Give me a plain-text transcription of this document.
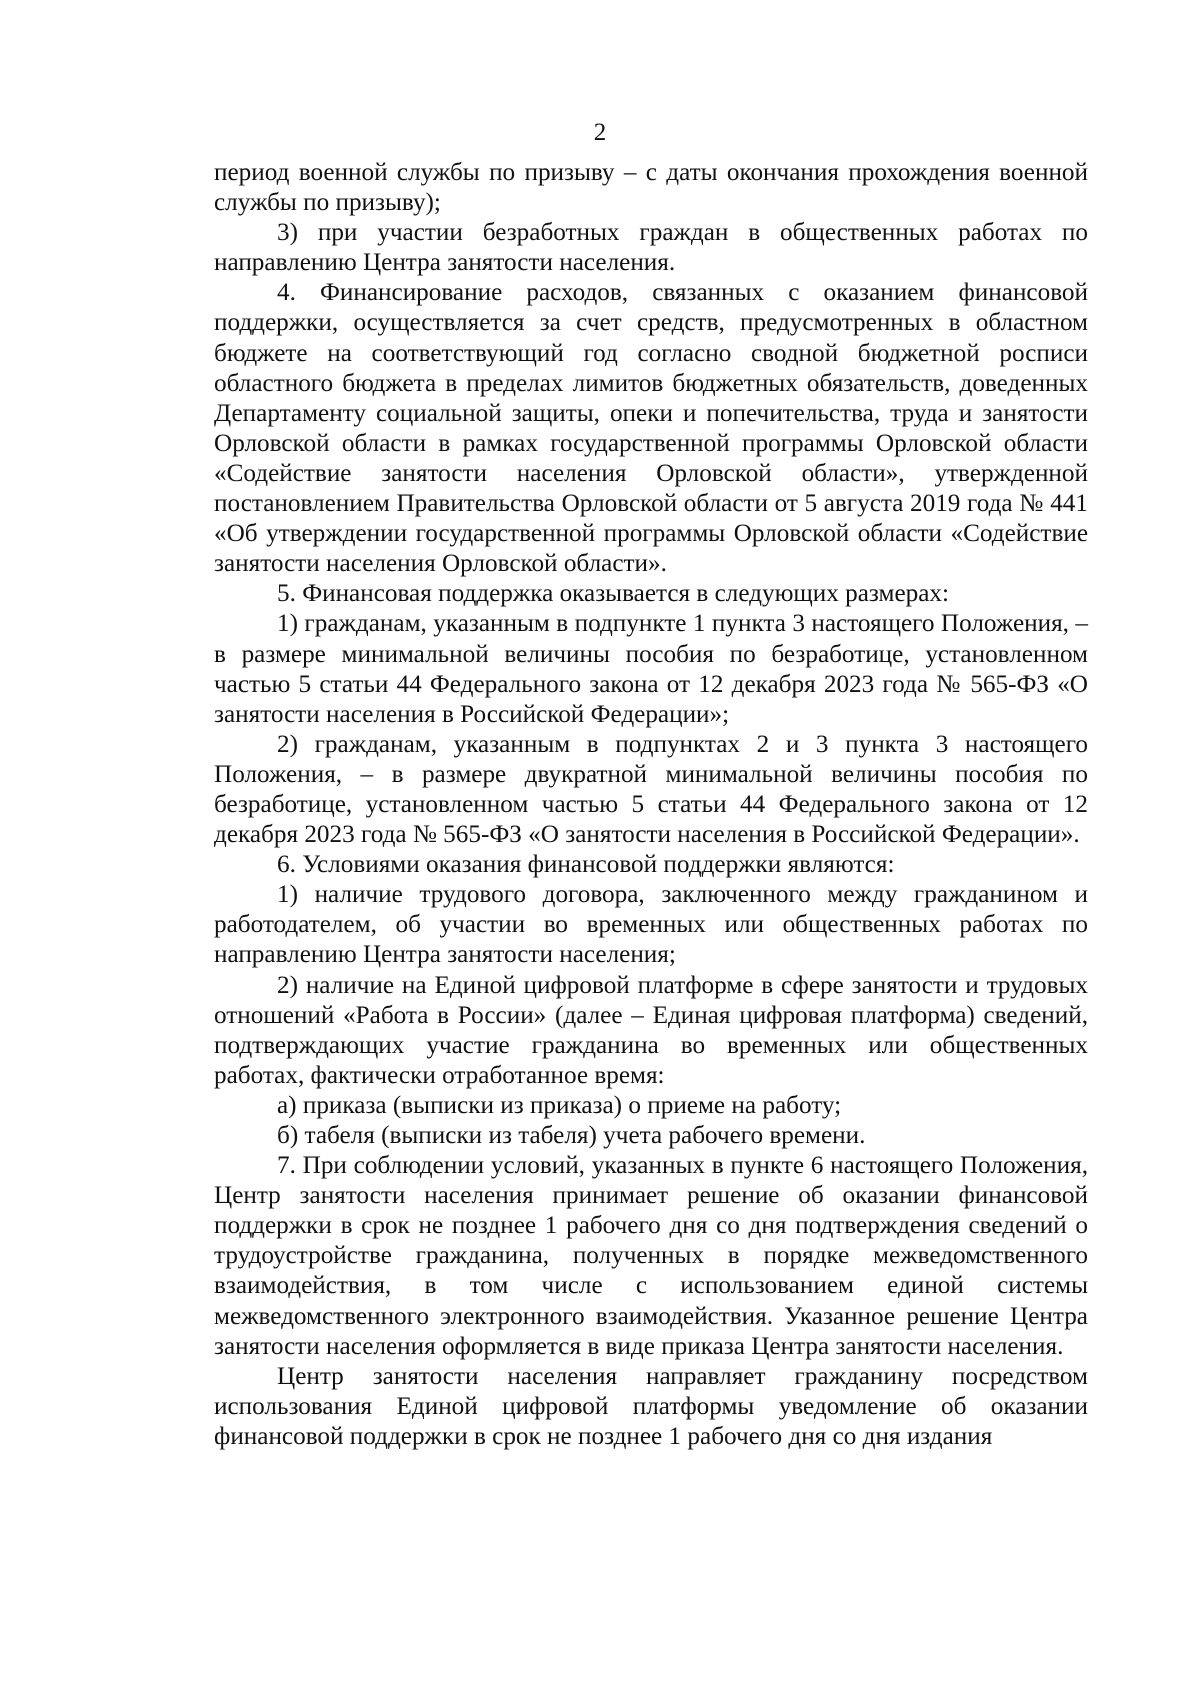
2

период военной службы по призыву – с даты окончания прохождения военной службы по призыву);

3) при участии безработных граждан в общественных работах по направлению Центра занятости населения.

4. Финансирование расходов, связанных с оказанием финансовой поддержки, осуществляется за счет средств, предусмотренных в областном бюджете на соответствующий год согласно сводной бюджетной росписи областного бюджета в пределах лимитов бюджетных обязательств, доведенных Департаменту социальной защиты, опеки и попечительства, труда и занятости Орловской области в рамках государственной программы Орловской области «Содействие занятости населения Орловской области», утвержденной постановлением Правительства Орловской области от 5 августа 2019 года № 441 «Об утверждении государственной программы Орловской области «Содействие занятости населения Орловской области».

5. Финансовая поддержка оказывается в следующих размерах:

1) гражданам, указанным в подпункте 1 пункта 3 настоящего Положения, – в размере минимальной величины пособия по безработице, установленном частью 5 статьи 44 Федерального закона от 12 декабря 2023 года № 565-ФЗ «О занятости населения в Российской Федерации»;

2) гражданам, указанным в подпунктах 2 и 3 пункта 3 настоящего Положения, – в размере двукратной минимальной величины пособия по безработице, установленном частью 5 статьи 44 Федерального закона от 12 декабря 2023 года № 565-ФЗ «О занятости населения в Российской Федерации».

6. Условиями оказания финансовой поддержки являются:

1) наличие трудового договора, заключенного между гражданином и работодателем, об участии во временных или общественных работах по направлению Центра занятости населения;

2) наличие на Единой цифровой платформе в сфере занятости и трудовых отношений «Работа в России» (далее – Единая цифровая платформа) сведений, подтверждающих участие гражданина во временных или общественных работах, фактически отработанное время:

а) приказа (выписки из приказа) о приеме на работу;

б) табеля (выписки из табеля) учета рабочего времени.

7. При соблюдении условий, указанных в пункте 6 настоящего Положения, Центр занятости населения принимает решение об оказании финансовой поддержки в срок не позднее 1 рабочего дня со дня подтверждения сведений о трудоустройстве гражданина, полученных в порядке межведомственного взаимодействия, в том числе с использованием единой системы межведомственного электронного взаимодействия. Указанное решение Центра занятости населения оформляется в виде приказа Центра занятости населения.

Центр занятости населения направляет гражданину посредством использования Единой цифровой платформы уведомление об оказании финансовой поддержки в срок не позднее 1 рабочего дня со дня издания
